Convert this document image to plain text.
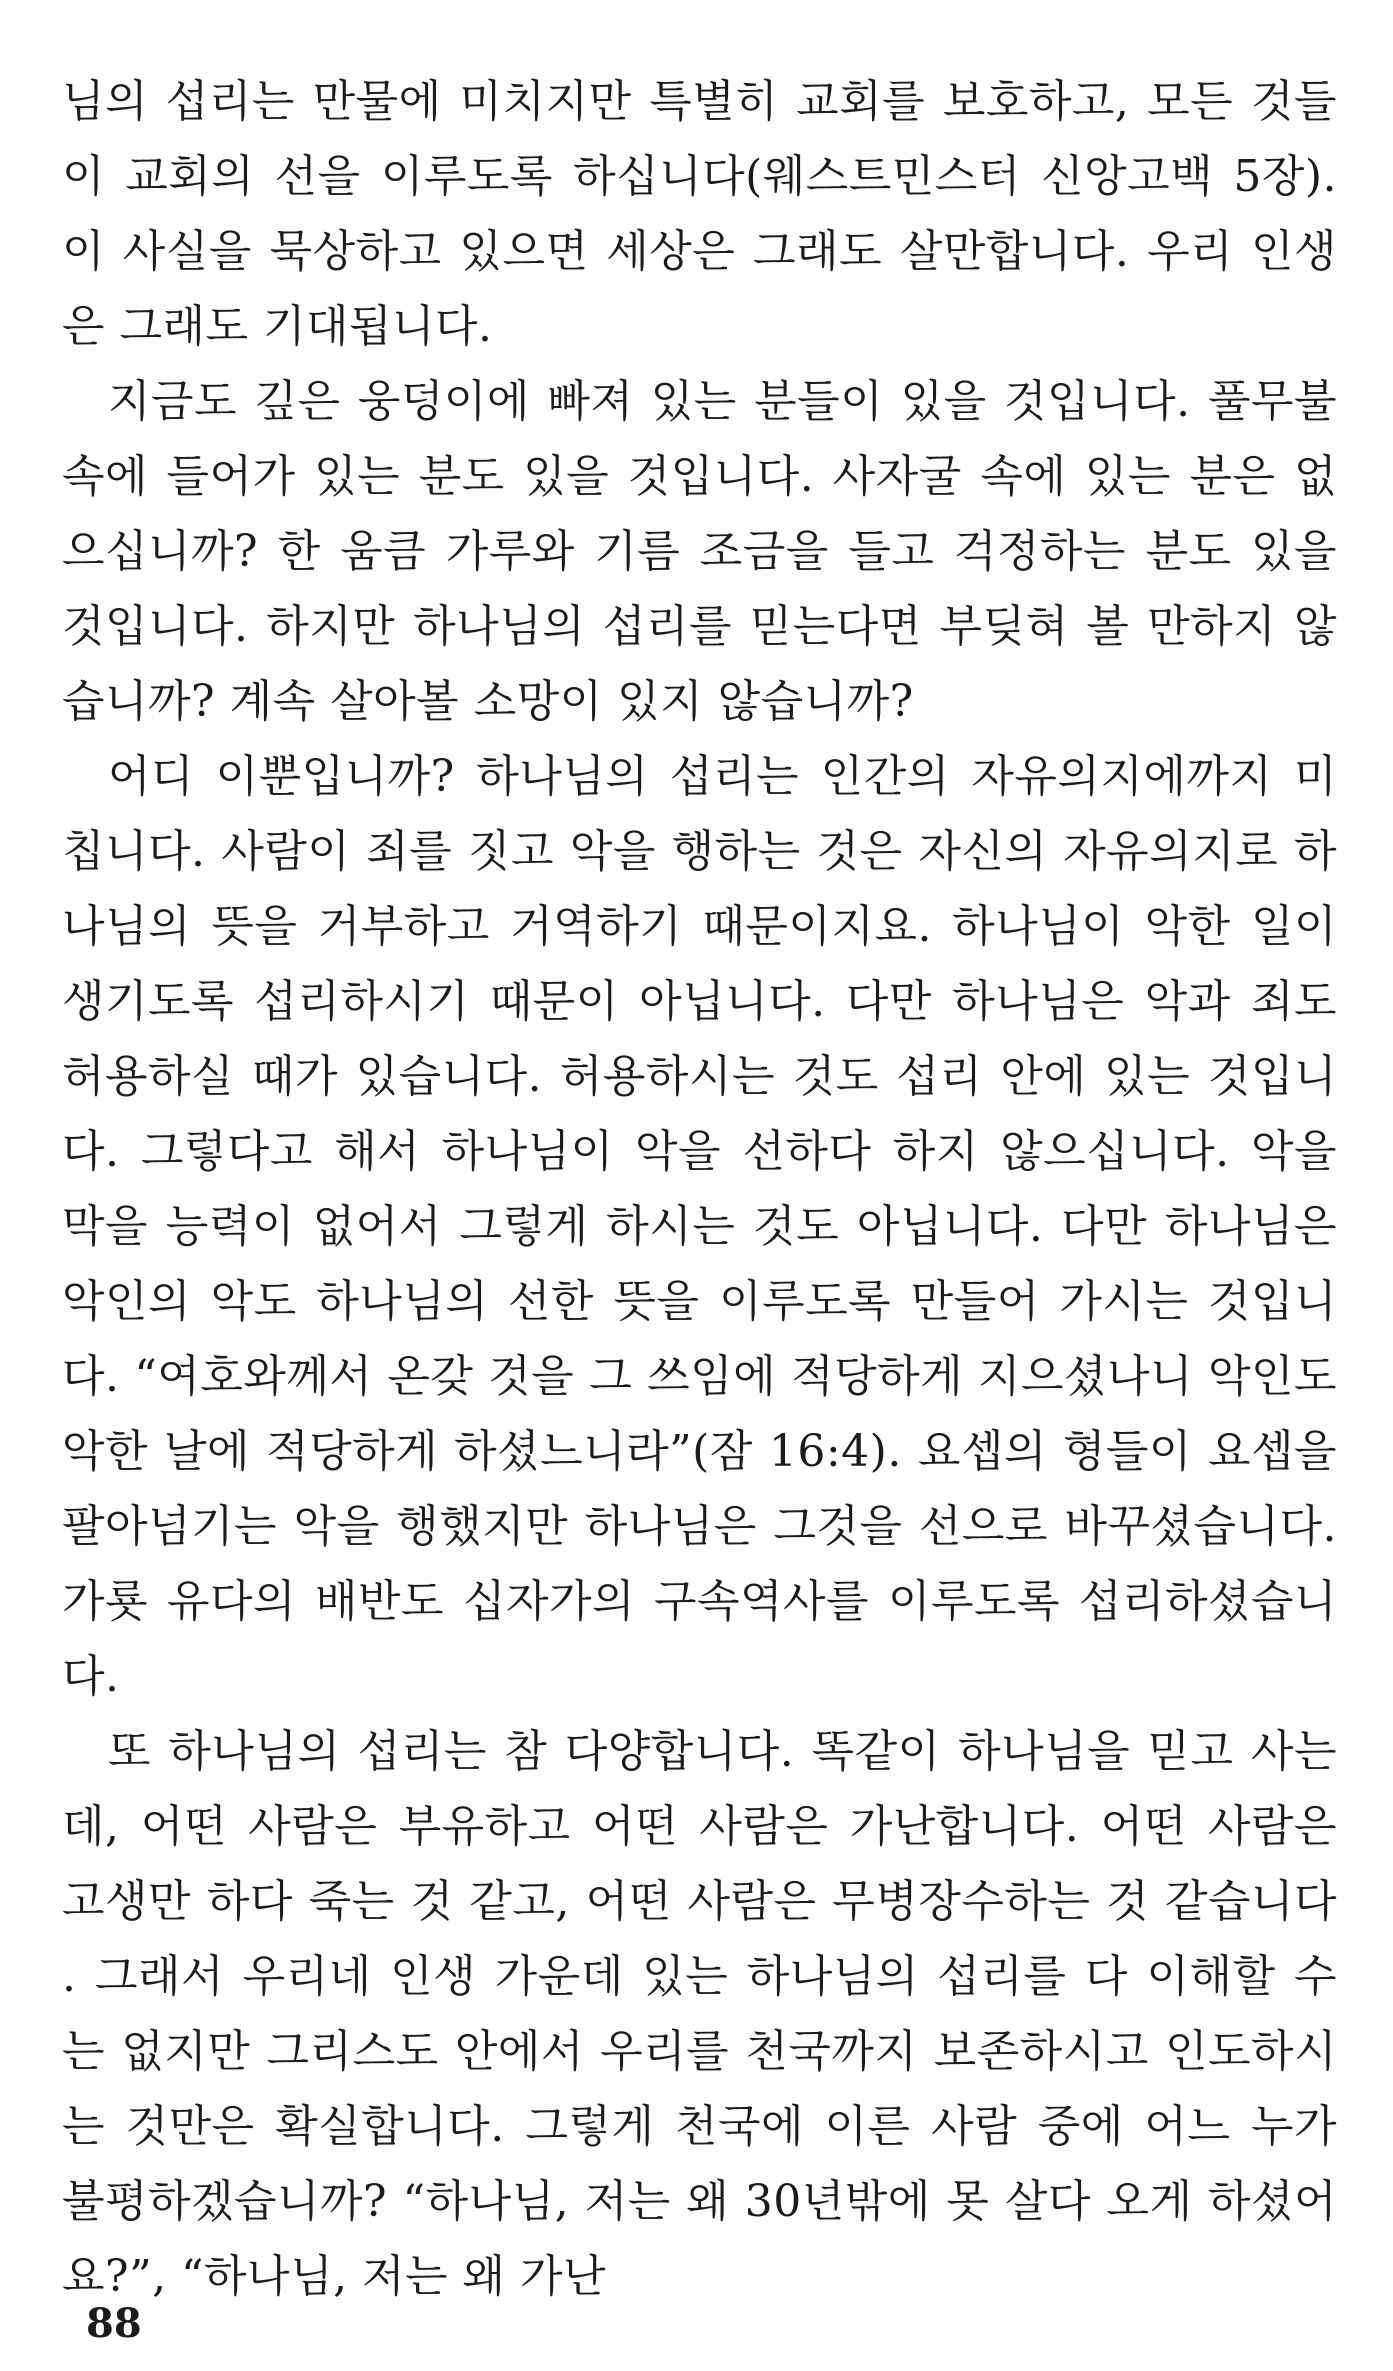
님의 섭리는 만물에 미치지만 특별히 교회를 보호하고, 모든 것들이 교회의 선을 이루도록 하십니다(웨스트민스터 신앙고백 5장). 이 사실을 묵상하고 있으면 세상은 그래도 살만합니다. 우리 인생은 그래도 기대됩니다.

지금도 깊은 웅덩이에 빠져 있는 분들이 있을 것입니다. 풀무불 속에 들어가 있는 분도 있을 것입니다. 사자굴 속에 있는 분은 없으십니까? 한 움큼 가루와 기름 조금을 들고 걱정하는 분도 있을 것입니다. 하지만 하나님의 섭리를 믿는다면 부딪혀 볼 만하지 않습니까? 계속 살아볼 소망이 있지 않습니까?

어디 이뿐입니까? 하나님의 섭리는 인간의 자유의지에까지 미칩니다. 사람이 죄를 짓고 악을 행하는 것은 자신의 자유의지로 하나님의 뜻을 거부하고 거역하기 때문이지요. 하나님이 악한 일이 생기도록 섭리하시기 때문이 아닙니다. 다만 하나님은 악과 죄도 허용하실 때가 있습니다. 허용하시는 것도 섭리 안에 있는 것입니다. 그렇다고 해서 하나님이 악을 선하다 하지 않으십니다. 악을 막을 능력이 없어서 그렇게 하시는 것도 아닙니다. 다만 하나님은 악인의 악도 하나님의 선한 뜻을 이루도록 만들어 가시는 것입니다. “여호와께서 온갖 것을 그 쓰임에 적당하게 지으셨나니 악인도 악한 날에 적당하게 하셨느니라”(잠 16:4). 요셉의 형들이 요셉을 팔아넘기는 악을 행했지만 하나님은 그것을 선으로 바꾸셨습니다. 가룟 유다의 배반도 십자가의 구속역사를 이루도록 섭리하셨습니다.

또 하나님의 섭리는 참 다양합니다. 똑같이 하나님을 믿고 사는데, 어떤 사람은 부유하고 어떤 사람은 가난합니다. 어떤 사람은 고생만 하다 죽는 것 같고, 어떤 사람은 무병장수하는 것 같습니다. 그래서 우리네 인생 가운데 있는 하나님의 섭리를 다 이해할 수는 없지만 그리스도 안에서 우리를 천국까지 보존하시고 인도하시는 것만은 확실합니다. 그렇게 천국에 이른 사람 중에 어느 누가 불평하겠습니까? “하나님, 저는 왜 30년밖에 못 살다 오게 하셨어요?”, “하나님, 저는 왜 가난

88
